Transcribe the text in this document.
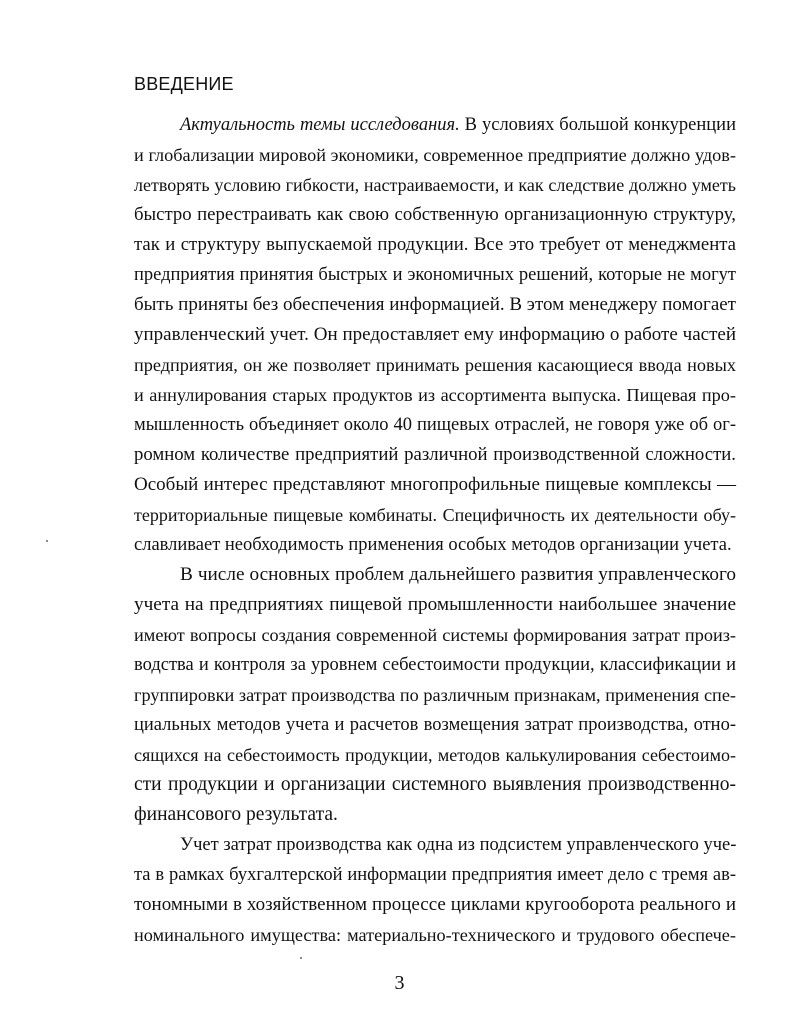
ВВЕДЕНИЕ

Актуальность темы исследования. В условиях большой конкуренции

и глобализации мировой экономики, современное предприятие должно удов-

летворять условию гибкости, настраиваемости, и как следствие должно уметь

быстро перестраивать как свою собственную организационную структуру,

так и структуру выпускаемой продукции. Все это требует от менеджмента

предприятия принятия быстрых и экономичных решений, которые не могут

быть приняты без обеспечения информацией. В этом менеджеру помогает

управленческий учет. Он предоставляет ему информацию о работе частей

предприятия, он же позволяет принимать решения касающиеся ввода новых

и аннулирования старых продуктов из ассортимента выпуска. Пищевая про-

мышленность объединяет около 40 пищевых отраслей, не говоря уже об ог-

ромном количестве предприятий различной производственной сложности.

Особый интерес представляют многопрофильные пищевые комплексы —

территориальные пищевые комбинаты. Специфичность их деятельности обу-

славливает необходимость применения особых методов организации учета.

В числе основных проблем дальнейшего развития управленческого

учета на предприятиях пищевой промышленности наибольшее значение

имеют вопросы создания современной системы формирования затрат произ-

водства и контроля за уровнем себестоимости продукции, классификации и

группировки затрат производства по различным признакам, применения спе-

циальных методов учета и расчетов возмещения затрат производства, отно-

сящихся на себестоимость продукции, методов калькулирования себестоимо-

сти продукции и организации системного выявления производственно-

финансового результата.

Учет затрат производства как одна из подсистем управленческого уче-

та в рамках бухгалтерской информации предприятия имеет дело с тремя ав-

тономными в хозяйственном процессе циклами кругооборота реального и

номинального имущества: материально-технического и трудового обеспече-

3
